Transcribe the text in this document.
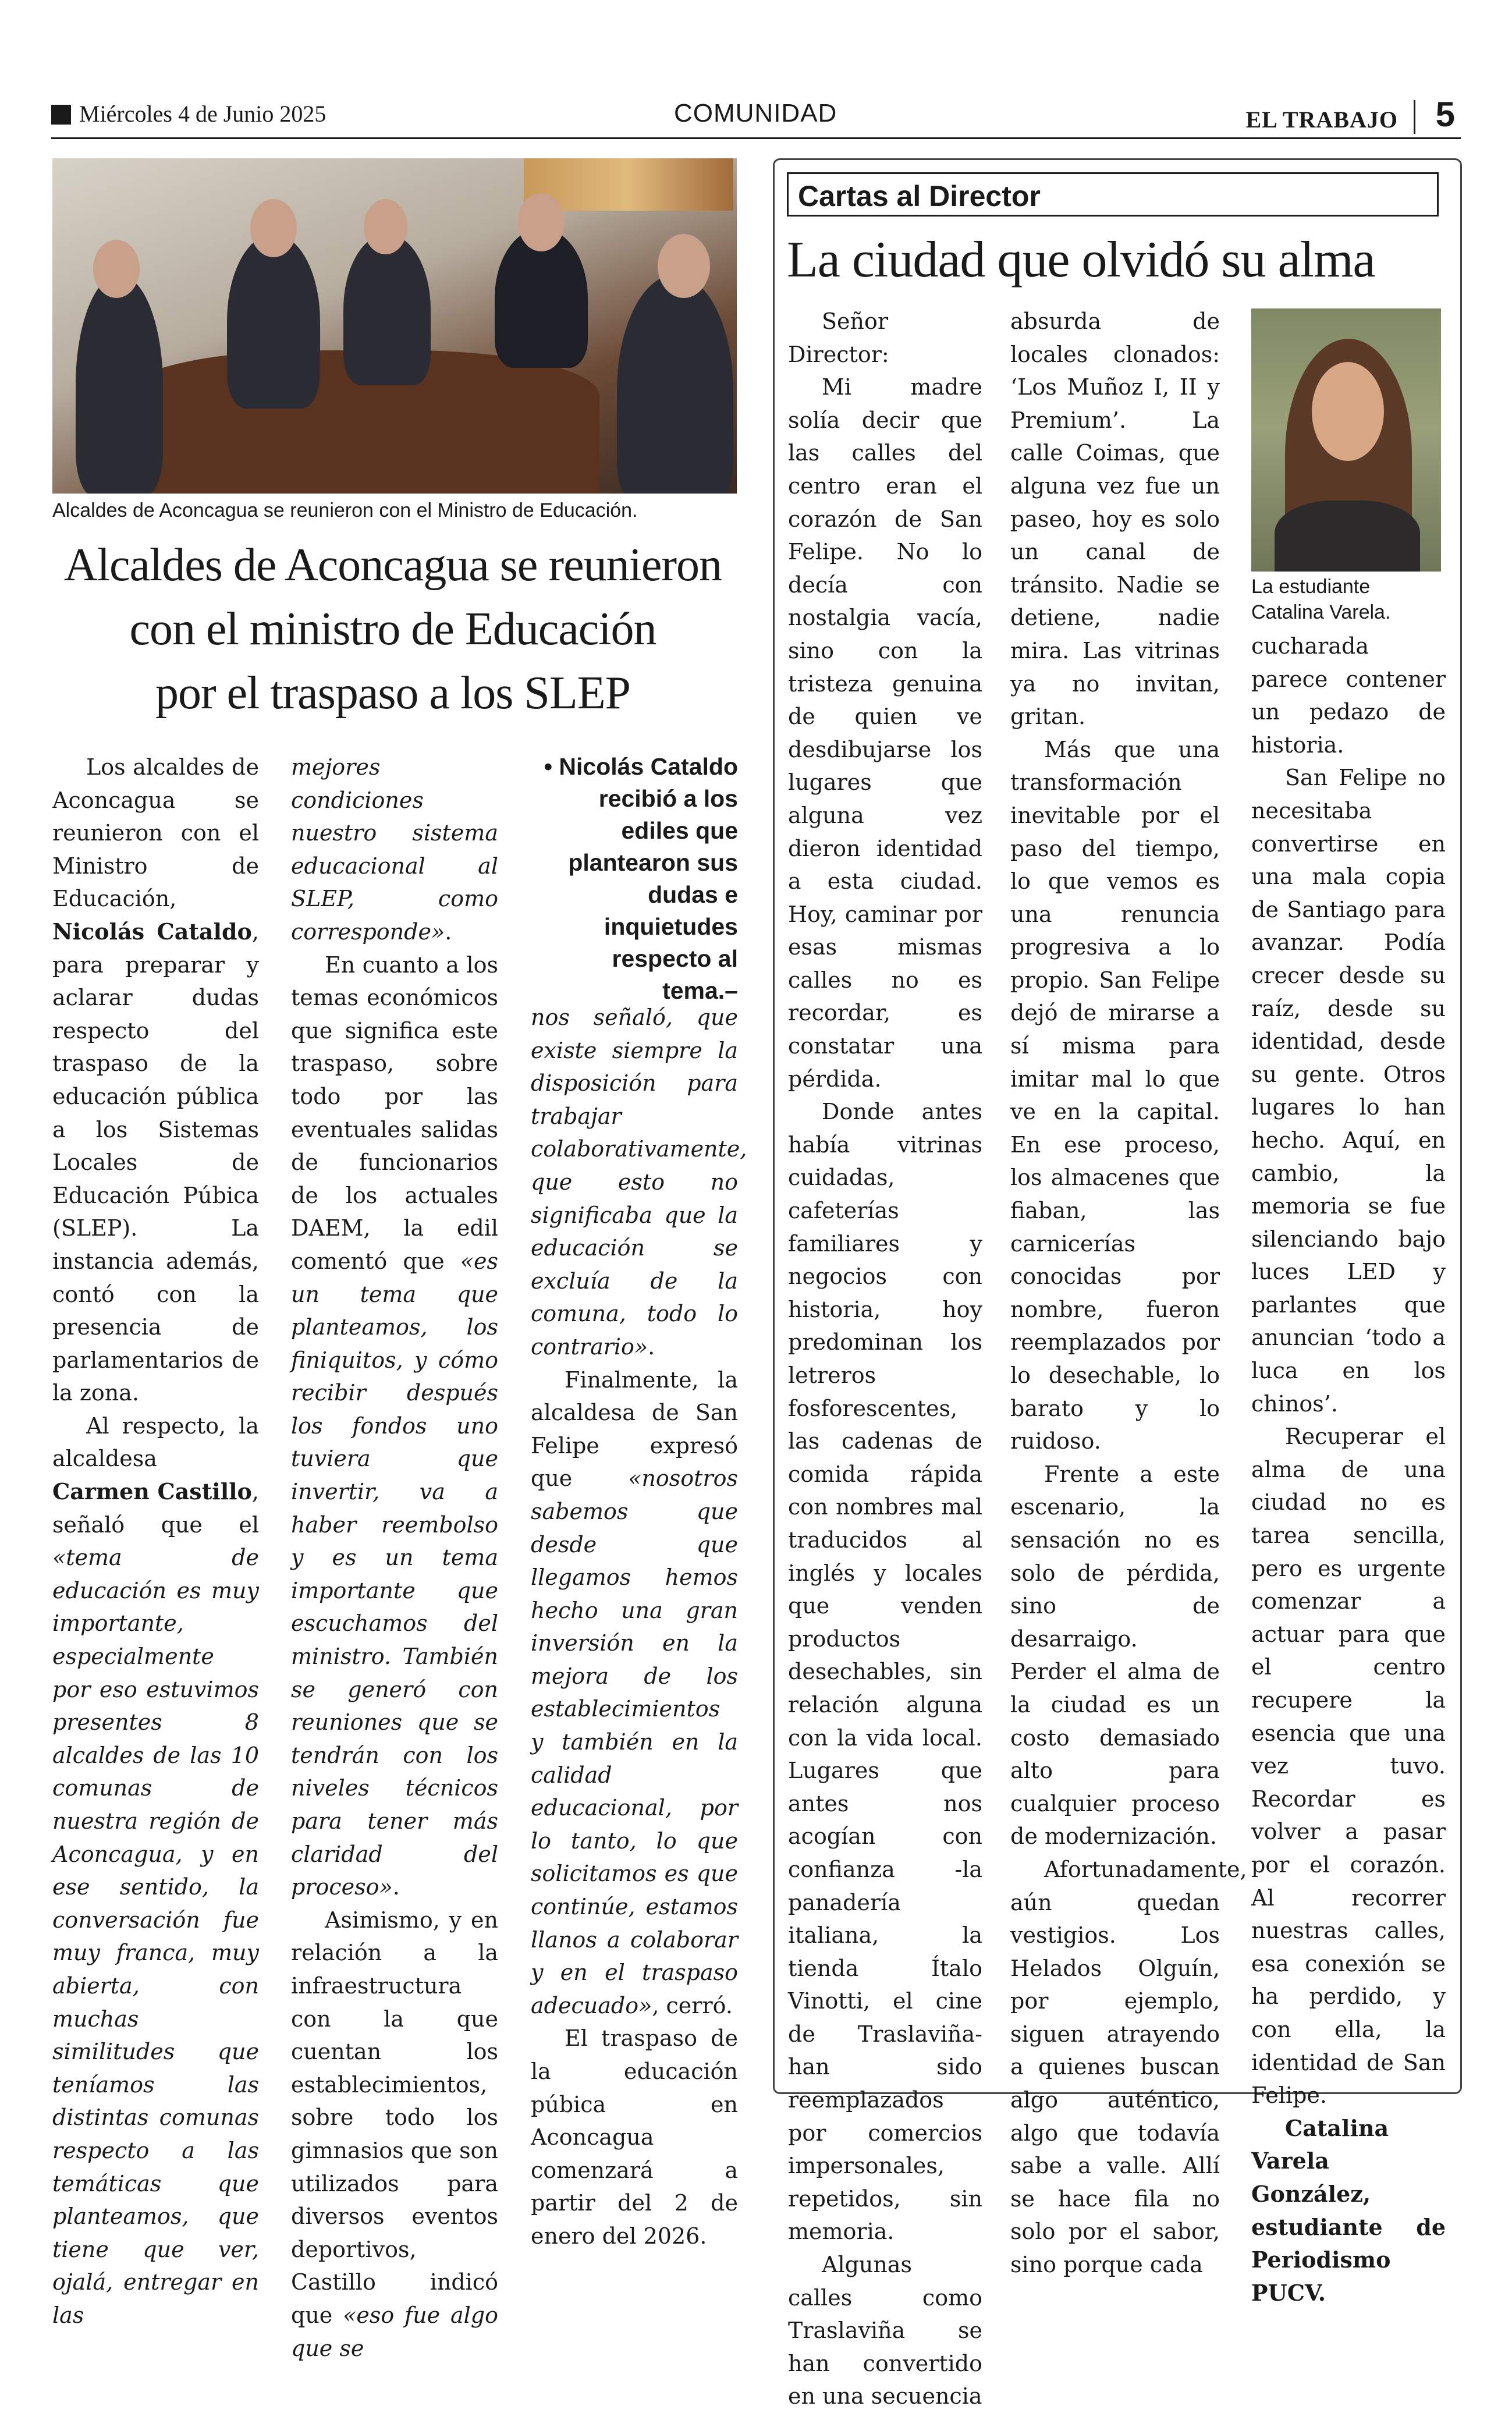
Miércoles 4 de Junio 2025	COMUNIDAD	EL TRABAJO 5
Alcaldes de Aconcagua se reunieron con el Ministro de Educación.
Alcaldes de Aconcagua se reunieron
con el ministro de Educación
por el traspaso a los SLEP

Los alcaldes de Aconcagua se reunieron con el Ministro de Educación, Nicolás Cataldo, para preparar y aclarar dudas respecto del traspaso de la educación pública a los Sistemas Locales de Educación Púbica (SLEP). La instancia además, contó con la presencia de parlamentarios de la zona.

Al respecto, la alcaldesa Carmen Castillo, señaló que el «tema de educación es muy importante, especialmente por eso estuvimos presentes 8 alcaldes de las 10 comunas de nuestra región de Aconcagua, y en ese sentido, la conversación fue muy franca, muy abierta, con muchas similitudes que teníamos las distintas comunas respecto a las temáticas que planteamos, que tiene que ver, ojalá, entregar en las

mejores condiciones nuestro sistema educacional al SLEP, como corresponde».

En cuanto a los temas económicos que significa este traspaso, sobre todo por las eventuales salidas de funcionarios de los actuales DAEM, la edil comentó que «es un tema que planteamos, los finiquitos, y cómo recibir después los fondos uno tuviera que invertir, va a haber reembolso y es un tema importante que escuchamos del ministro. También se generó con reuniones que se tendrán con los niveles técnicos para tener más claridad del proceso».

Asimismo, y en relación a la infraestructura con la que cuentan los establecimientos, sobre todo los gimnasios que son utilizados para diversos eventos deportivos, Castillo indicó que «eso fue algo que se

• Nicolás Cataldo recibió a los ediles que plantearon sus dudas e inquietudes respecto al tema.–

nos señaló, que existe siempre la disposición para trabajar colaborativamente, que esto no significaba que la educación se excluía de la comuna, todo lo contrario».

Finalmente, la alcaldesa de San Felipe expresó que «nosotros sabemos que desde que llegamos hemos hecho una gran inversión en la mejora de los establecimientos y también en la calidad educacional, por lo tanto, lo que solicitamos es que continúe, estamos llanos a colaborar y en el traspaso adecuado», cerró.

El traspaso de la educación púbica en Aconcagua comenzará a partir del 2 de enero del 2026.

Cartas al Director
La ciudad que olvidó su alma

Señor Director:

Mi madre solía decir que las calles del centro eran el corazón de San Felipe. No lo decía con nostalgia vacía, sino con la tristeza genuina de quien ve desdibujarse los lugares que alguna vez dieron identidad a esta ciudad. Hoy, caminar por esas mismas calles no es recordar, es constatar una pérdida.

Donde antes había vitrinas cuidadas, cafeterías familiares y negocios con historia, hoy predominan los letreros fosforescentes, las cadenas de comida rápida con nombres mal traducidos al inglés y locales que venden productos desechables, sin relación alguna con la vida local. Lugares que antes nos acogían con confianza -la panadería italiana, la tienda Ítalo Vinotti, el cine de Traslaviña- han sido reemplazados por comercios impersonales, repetidos, sin memoria.

Algunas calles como Traslaviña se han convertido en una secuencia

absurda de locales clonados: ‘Los Muñoz I, II y Premium’. La calle Coimas, que alguna vez fue un paseo, hoy es solo un canal de tránsito. Nadie se detiene, nadie mira. Las vitrinas ya no invitan, gritan.

Más que una transformación inevitable por el paso del tiempo, lo que vemos es una renuncia progresiva a lo propio. San Felipe dejó de mirarse a sí misma para imitar mal lo que ve en la capital. En ese proceso, los almacenes que fiaban, las carnicerías conocidas por nombre, fueron reemplazados por lo desechable, lo barato y lo ruidoso.

Frente a este escenario, la sensación no es solo de pérdida, sino de desarraigo. Perder el alma de la ciudad es un costo demasiado alto para cualquier proceso de modernización.

Afortunadamente, aún quedan vestigios. Los Helados Olguín, por ejemplo, siguen atrayendo a quienes buscan algo auténtico, algo que todavía sabe a valle. Allí se hace fila no solo por el sabor, sino porque cada

La estudiante Catalina Varela.

cucharada parece contener un pedazo de historia.

San Felipe no necesitaba convertirse en una mala copia de Santiago para avanzar. Podía crecer desde su raíz, desde su identidad, desde su gente. Otros lugares lo han hecho. Aquí, en cambio, la memoria se fue silenciando bajo luces LED y parlantes que anuncian ‘todo a luca en los chinos’.

Recuperar el alma de una ciudad no es tarea sencilla, pero es urgente comenzar a actuar para que el centro recupere la esencia que una vez tuvo. Recordar es volver a pasar por el corazón. Al recorrer nuestras calles, esa conexión se ha perdido, y con ella, la identidad de San Felipe.

Catalina Varela González, estudiante de Periodismo PUCV.
